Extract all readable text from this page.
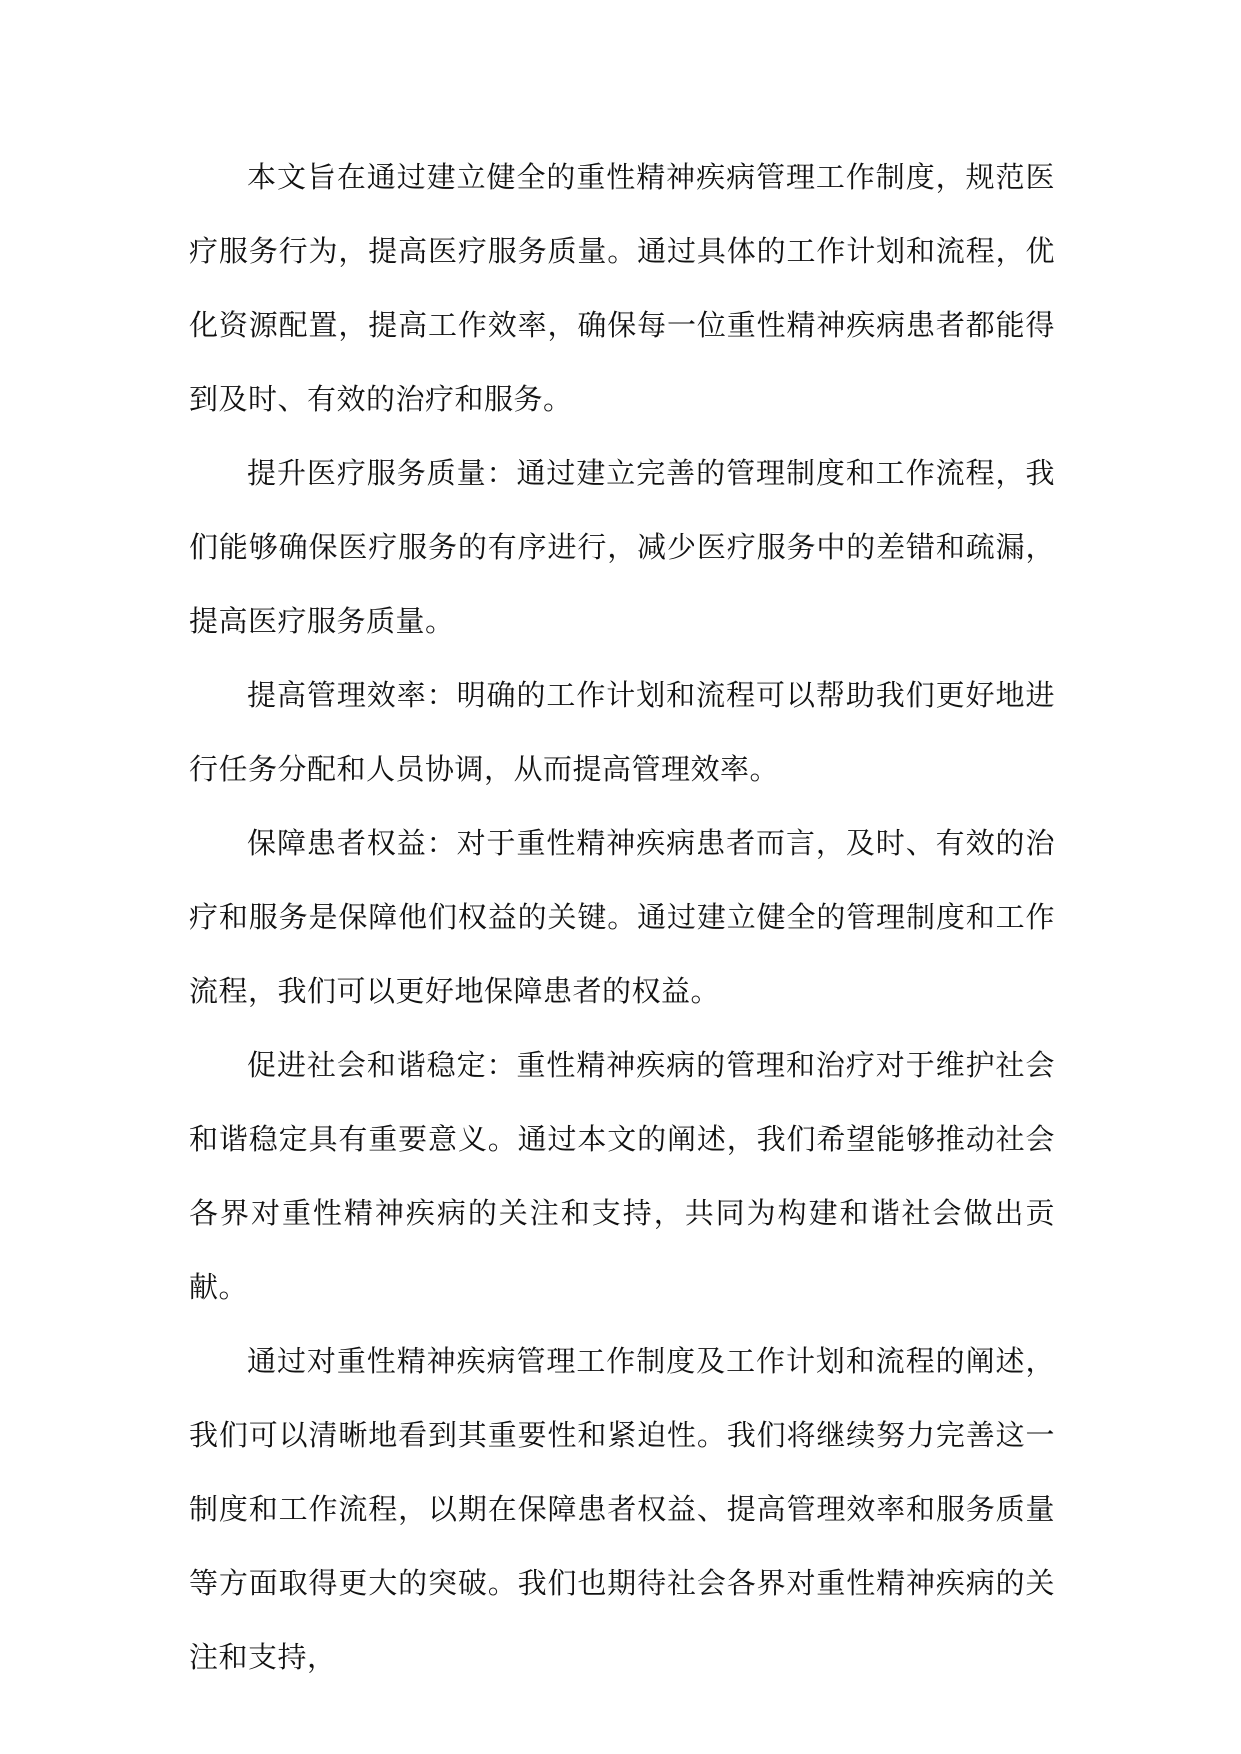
本文旨在通过建立健全的重性精神疾病管理工作制度，规范医疗服务行为，提高医疗服务质量。通过具体的工作计划和流程，优化资源配置，提高工作效率，确保每一位重性精神疾病患者都能得到及时、有效的治疗和服务。

提升医疗服务质量：通过建立完善的管理制度和工作流程，我们能够确保医疗服务的有序进行，减少医疗服务中的差错和疏漏，提高医疗服务质量。

提高管理效率：明确的工作计划和流程可以帮助我们更好地进行任务分配和人员协调，从而提高管理效率。

保障患者权益：对于重性精神疾病患者而言，及时、有效的治疗和服务是保障他们权益的关键。通过建立健全的管理制度和工作流程，我们可以更好地保障患者的权益。

促进社会和谐稳定：重性精神疾病的管理和治疗对于维护社会和谐稳定具有重要意义。通过本文的阐述，我们希望能够推动社会各界对重性精神疾病的关注和支持，共同为构建和谐社会做出贡献。

通过对重性精神疾病管理工作制度及工作计划和流程的阐述，我们可以清晰地看到其重要性和紧迫性。我们将继续努力完善这一制度和工作流程，以期在保障患者权益、提高管理效率和服务质量等方面取得更大的突破。我们也期待社会各界对重性精神疾病的关注和支持，
